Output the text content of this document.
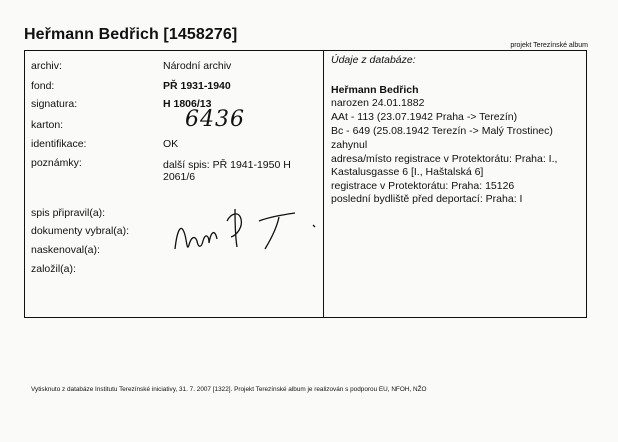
Heřmann Bedřich [1458276]
projekt Terezínské album
archiv:	Národní archiv
fond:	PŘ 1931-1940
signatura:	H 1806/13
karton:	6436
identifikace:	OK
poznámky:	další spis: PŘ 1941-1950 H 2061/6
spis připravil(a):
dokumenty vybral(a):
naskenoval(a):
založil(a):
Údaje z databáze:
Heřmann Bedřich
narozen 24.01.1882
AAt - 113 (23.07.1942 Praha -> Terezín)
Bc - 649 (25.08.1942 Terezín -> Malý Trostinec)
zahynul
adresa/místo registrace v Protektorátu: Praha: I.,
Kastalusgasse 6 [I., Haštalská 6]
registrace v Protektorátu: Praha: 15126
poslední bydliště před deportací: Praha: I
Vytisknuto z databáze Institutu Terezínské iniciativy, 31. 7. 2007 [1322]. Projekt Terezínské album je realizován s podporou EU, NFOH, NŽO
